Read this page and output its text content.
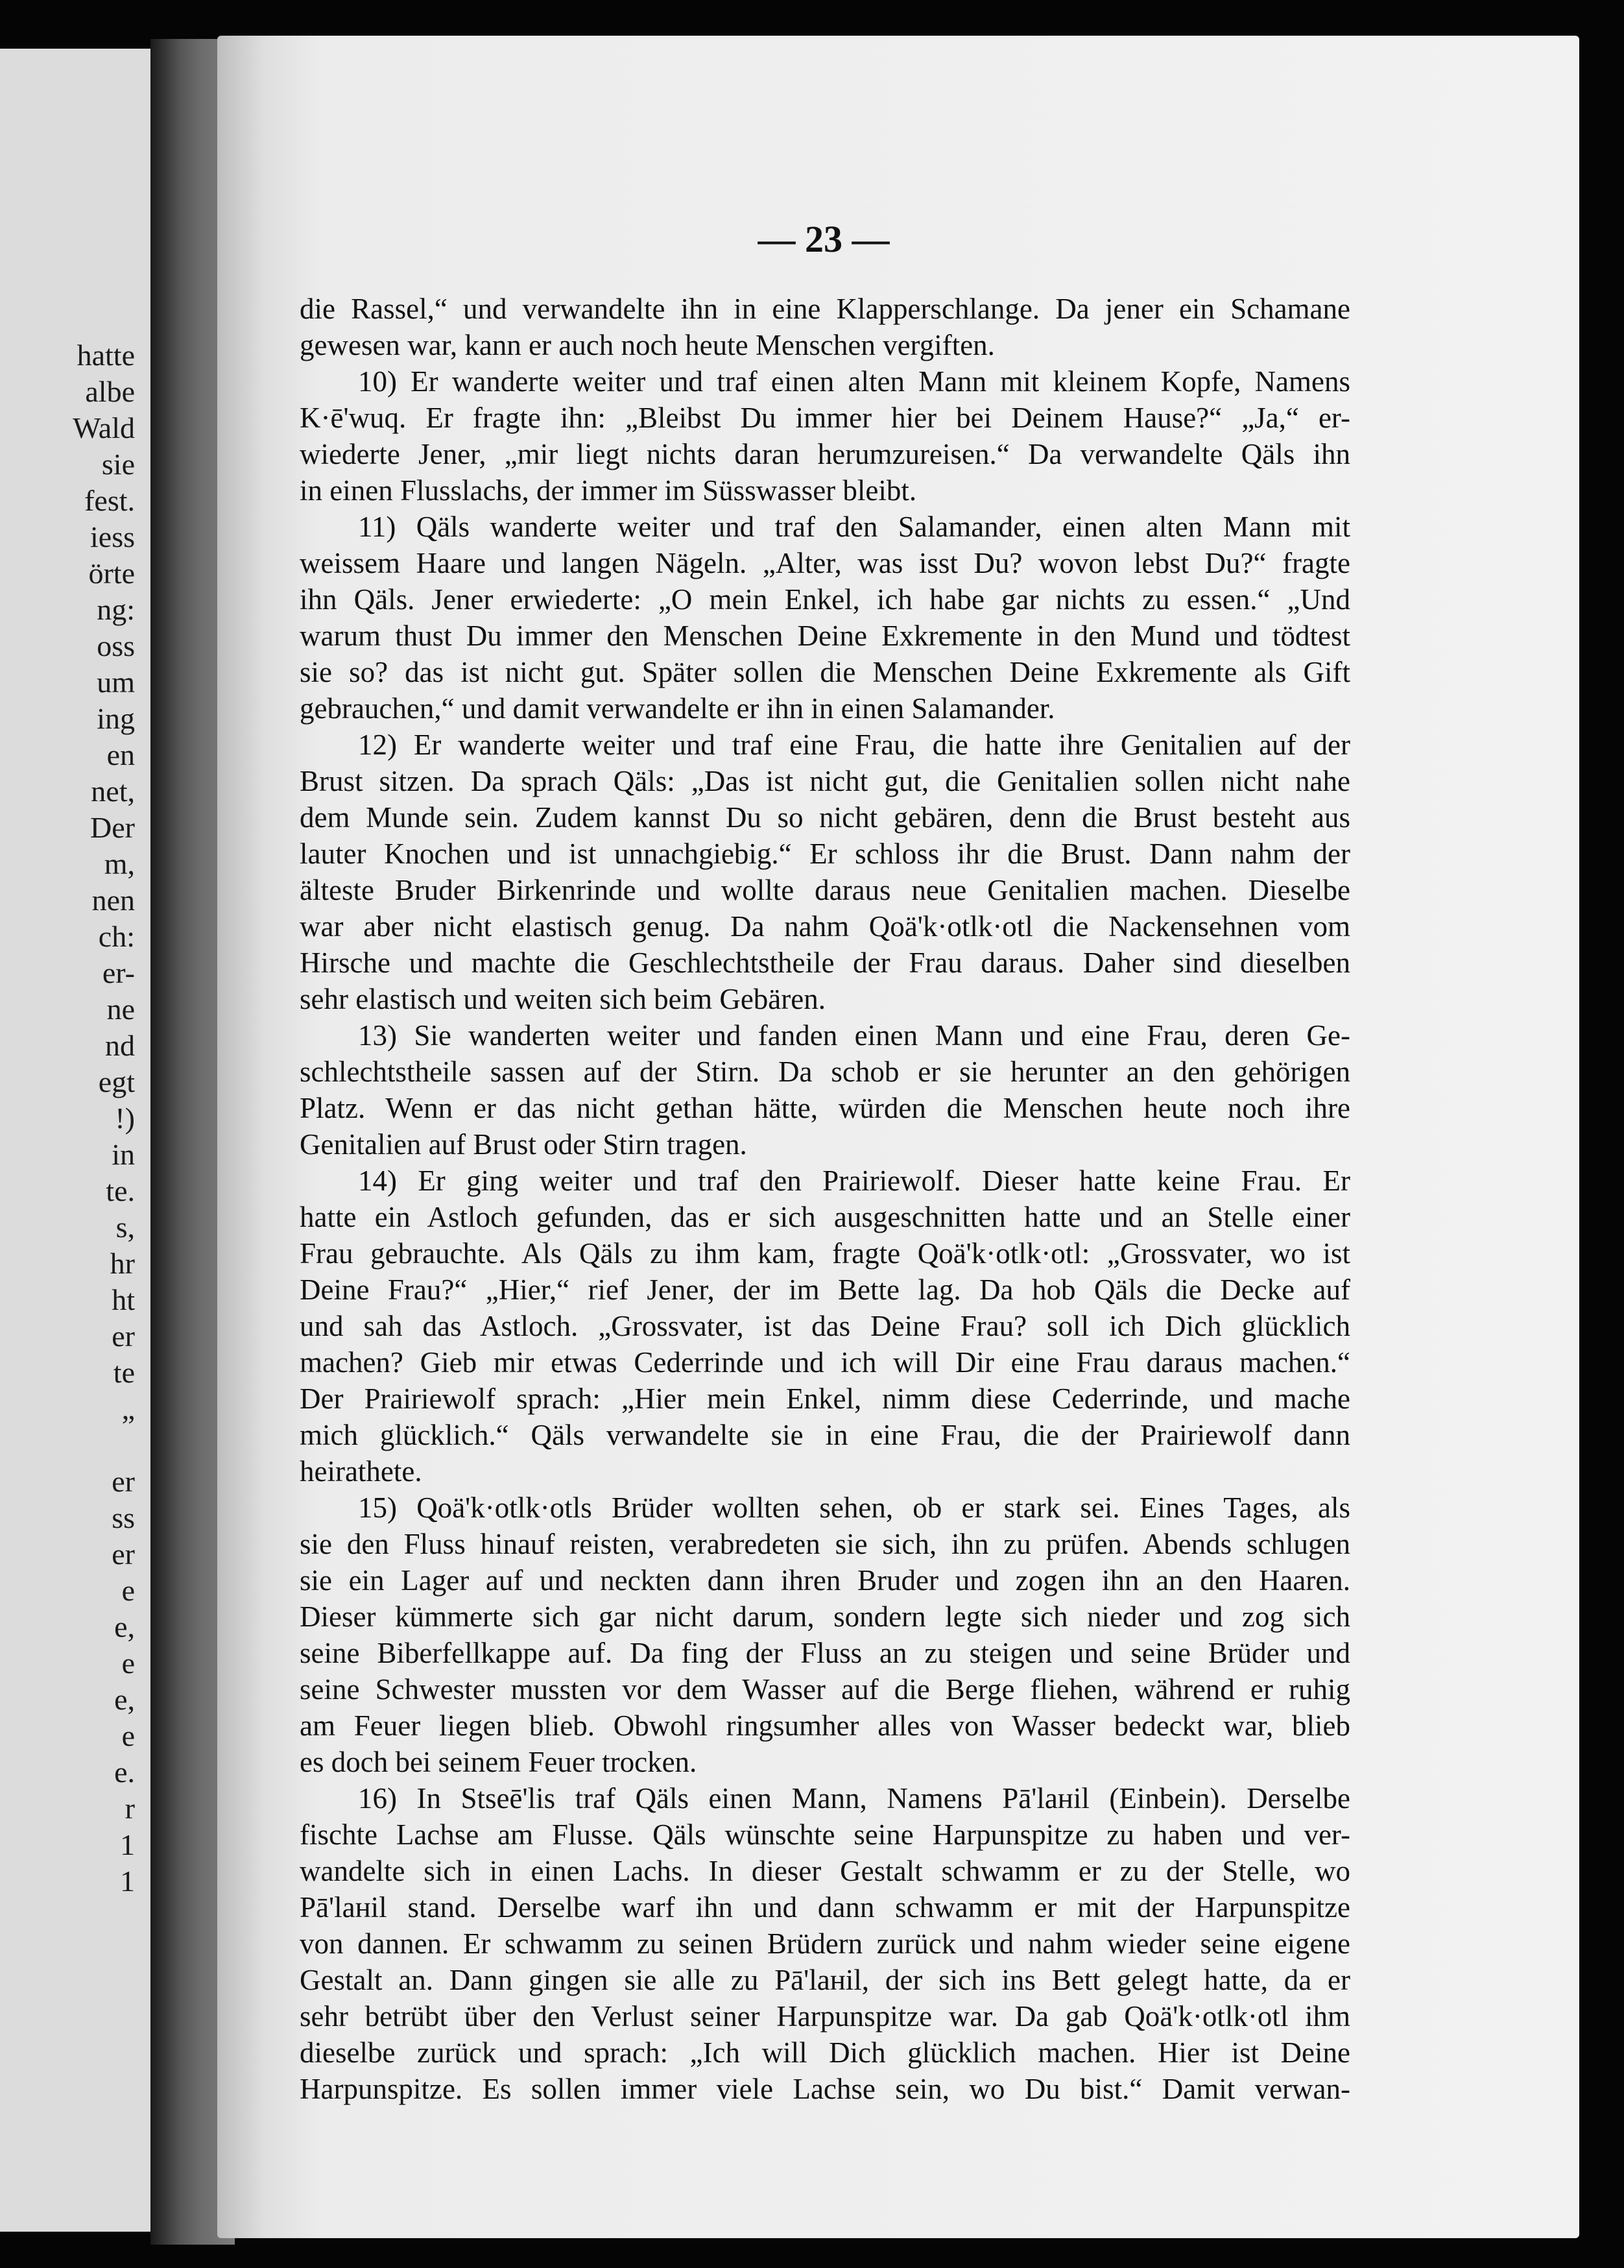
hatte
albe
Wald
sie
fest.
iess
örte
ng:
oss
um
ing
en
net,
Der
m,
nen
ch:
er-
ne
nd
egt
!)
in
te.
s,
hr
ht
er
te
„
er
ss
er
e
e,
e
e,
e
e.
r
1
1
— 23 —
die Rassel,“ und verwandelte ihn in eine Klapperschlange. Da jener ein Schamane
gewesen war, kann er auch noch heute Menschen vergiften.
10) Er wanderte weiter und traf einen alten Mann mit kleinem Kopfe, Namens
K·ē'wuq. Er fragte ihn: „Bleibst Du immer hier bei Deinem Hause?“ „Ja,“ er-
wiederte Jener, „mir liegt nichts daran herumzureisen.“ Da verwandelte Qäls ihn
in einen Flusslachs, der immer im Süsswasser bleibt.
11) Qäls wanderte weiter und traf den Salamander, einen alten Mann mit
weissem Haare und langen Nägeln. „Alter, was isst Du? wovon lebst Du?“ fragte
ihn Qäls. Jener erwiederte: „O mein Enkel, ich habe gar nichts zu essen.“ „Und
warum thust Du immer den Menschen Deine Exkremente in den Mund und tödtest
sie so? das ist nicht gut. Später sollen die Menschen Deine Exkremente als Gift
gebrauchen,“ und damit verwandelte er ihn in einen Salamander.
12) Er wanderte weiter und traf eine Frau, die hatte ihre Genitalien auf der
Brust sitzen. Da sprach Qäls: „Das ist nicht gut, die Genitalien sollen nicht nahe
dem Munde sein. Zudem kannst Du so nicht gebären, denn die Brust besteht aus
lauter Knochen und ist unnachgiebig.“ Er schloss ihr die Brust. Dann nahm der
älteste Bruder Birkenrinde und wollte daraus neue Genitalien machen. Dieselbe
war aber nicht elastisch genug. Da nahm Qoä'k·otlk·otl die Nackensehnen vom
Hirsche und machte die Geschlechtstheile der Frau daraus. Daher sind dieselben
sehr elastisch und weiten sich beim Gebären.
13) Sie wanderten weiter und fanden einen Mann und eine Frau, deren Ge-
schlechtstheile sassen auf der Stirn. Da schob er sie herunter an den gehörigen
Platz. Wenn er das nicht gethan hätte, würden die Menschen heute noch ihre
Genitalien auf Brust oder Stirn tragen.
14) Er ging weiter und traf den Prairiewolf. Dieser hatte keine Frau. Er
hatte ein Astloch gefunden, das er sich ausgeschnitten hatte und an Stelle einer
Frau gebrauchte. Als Qäls zu ihm kam, fragte Qoä'k·otlk·otl: „Grossvater, wo ist
Deine Frau?“ „Hier,“ rief Jener, der im Bette lag. Da hob Qäls die Decke auf
und sah das Astloch. „Grossvater, ist das Deine Frau? soll ich Dich glücklich
machen? Gieb mir etwas Cederrinde und ich will Dir eine Frau daraus machen.“
Der Prairiewolf sprach: „Hier mein Enkel, nimm diese Cederrinde, und mache
mich glücklich.“ Qäls verwandelte sie in eine Frau, die der Prairiewolf dann
heirathete.
15) Qoä'k·otlk·otls Brüder wollten sehen, ob er stark sei. Eines Tages, als
sie den Fluss hinauf reisten, verabredeten sie sich, ihn zu prüfen. Abends schlugen
sie ein Lager auf und neckten dann ihren Bruder und zogen ihn an den Haaren.
Dieser kümmerte sich gar nicht darum, sondern legte sich nieder und zog sich
seine Biberfellkappe auf. Da fing der Fluss an zu steigen und seine Brüder und
seine Schwester mussten vor dem Wasser auf die Berge fliehen, während er ruhig
am Feuer liegen blieb. Obwohl ringsumher alles von Wasser bedeckt war, blieb
es doch bei seinem Feuer trocken.
16) In Stseē'lis traf Qäls einen Mann, Namens Pā'laнil (Einbein). Derselbe
fischte Lachse am Flusse. Qäls wünschte seine Harpunspitze zu haben und ver-
wandelte sich in einen Lachs. In dieser Gestalt schwamm er zu der Stelle, wo
Pā'laнil stand. Derselbe warf ihn und dann schwamm er mit der Harpunspitze
von dannen. Er schwamm zu seinen Brüdern zurück und nahm wieder seine eigene
Gestalt an. Dann gingen sie alle zu Pā'laнil, der sich ins Bett gelegt hatte, da er
sehr betrübt über den Verlust seiner Harpunspitze war. Da gab Qoä'k·otlk·otl ihm
dieselbe zurück und sprach: „Ich will Dich glücklich machen. Hier ist Deine
Harpunspitze. Es sollen immer viele Lachse sein, wo Du bist.“ Damit verwan-
